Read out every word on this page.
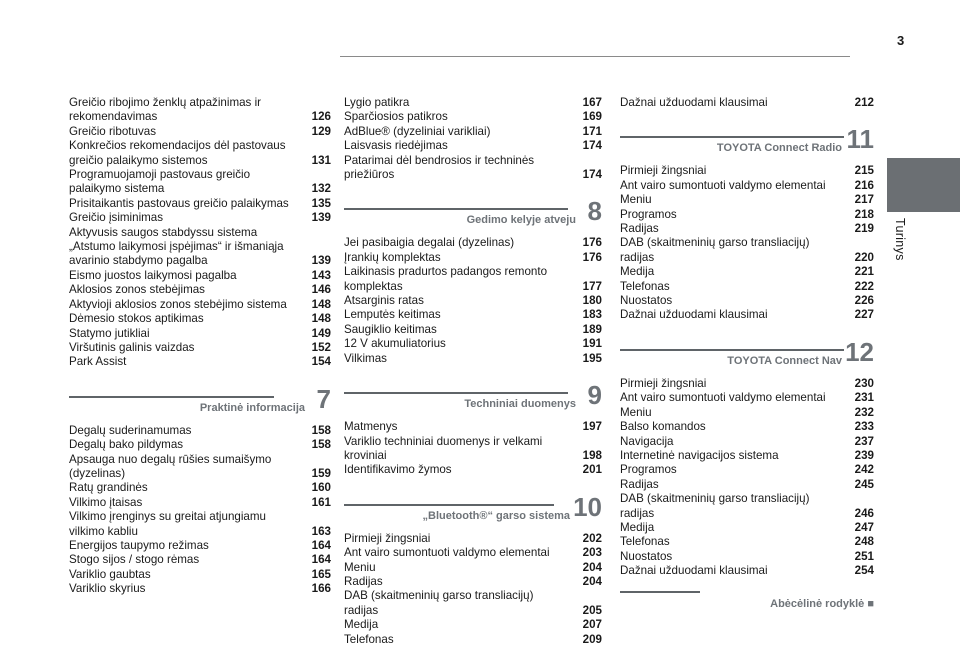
3
Turinys
Greičio ribojimo ženklų atpažinimas ir rekomendavimas	126
Greičio ribotuvas	129
Konkrečios rekomendacijos dėl pastovaus greičio palaikymo sistemos	131
Programuojamoji pastovaus greičio palaikymo sistema	132
Prisitaikantis pastovaus greičio palaikymas	135
Greičio įsiminimas	139
Aktyvusis saugos stabdyssu sistema „Atstumo laikymosi įspėjimas“ ir išmaniąja avarinio stabdymo pagalba	139
Eismo juostos laikymosi pagalba	143
Aklosios zonos stebėjimas	146
Aktyvioji aklosios zonos stebėjimo sistema	148
Dėmesio stokos aptikimas	148
Statymo jutikliai	149
Viršutinis galinis vaizdas	152
Park Assist	154
Praktinė informacija 7
Degalų suderinamumas	158
Degalų bako pildymas	158
Apsauga nuo degalų rūšies sumaišymo (dyzelinas)	159
Ratų grandinės	160
Vilkimo įtaisas	161
Vilkimo įrenginys su greitai atjungiamu vilkimo kabliu	163
Energijos taupymo režimas	164
Stogo sijos / stogo rėmas	164
Variklio gaubtas	165
Variklio skyrius	166
Lygio patikra	167
Sparčiosios patikros	169
AdBlue® (dyzeliniai varikliai)	171
Laisvasis riedėjimas	174
Patarimai dėl bendrosios ir techninės priežiūros	174
Gedimo kelyje atveju 8
Jei pasibaigia degalai (dyzelinas)	176
Įrankių komplektas	176
Laikinasis pradurtos padangos remonto komplektas	177
Atsarginis ratas	180
Lemputės keitimas	183
Saugiklio keitimas	189
12 V akumuliatorius	191
Vilkimas	195
Techniniai duomenys 9
Matmenys	197
Variklio techniniai duomenys ir velkami kroviniai	198
Identifikavimo žymos	201
„Bluetooth®“ garso sistema 10
Pirmieji žingsniai	202
Ant vairo sumontuoti valdymo elementai	203
Meniu	204
Radijas	204
DAB (skaitmeninių garso transliacijų) radijas	205
Medija	207
Telefonas	209
Dažnai užduodami klausimai	212
TOYOTA Connect Radio 11
Pirmieji žingsniai	215
Ant vairo sumontuoti valdymo elementai	216
Meniu	217
Programos	218
Radijas	219
DAB (skaitmeninių garso transliacijų) radijas	220
Medija	221
Telefonas	222
Nuostatos	226
Dažnai užduodami klausimai	227
TOYOTA Connect Nav 12
Pirmieji žingsniai	230
Ant vairo sumontuoti valdymo elementai	231
Meniu	232
Balso komandos	233
Navigacija	237
Internetinė navigacijos sistema	239
Programos	242
Radijas	245
DAB (skaitmeninių garso transliacijų) radijas	246
Medija	247
Telefonas	248
Nuostatos	251
Dažnai užduodami klausimai	254
Abėcėlinė rodyklė ■
